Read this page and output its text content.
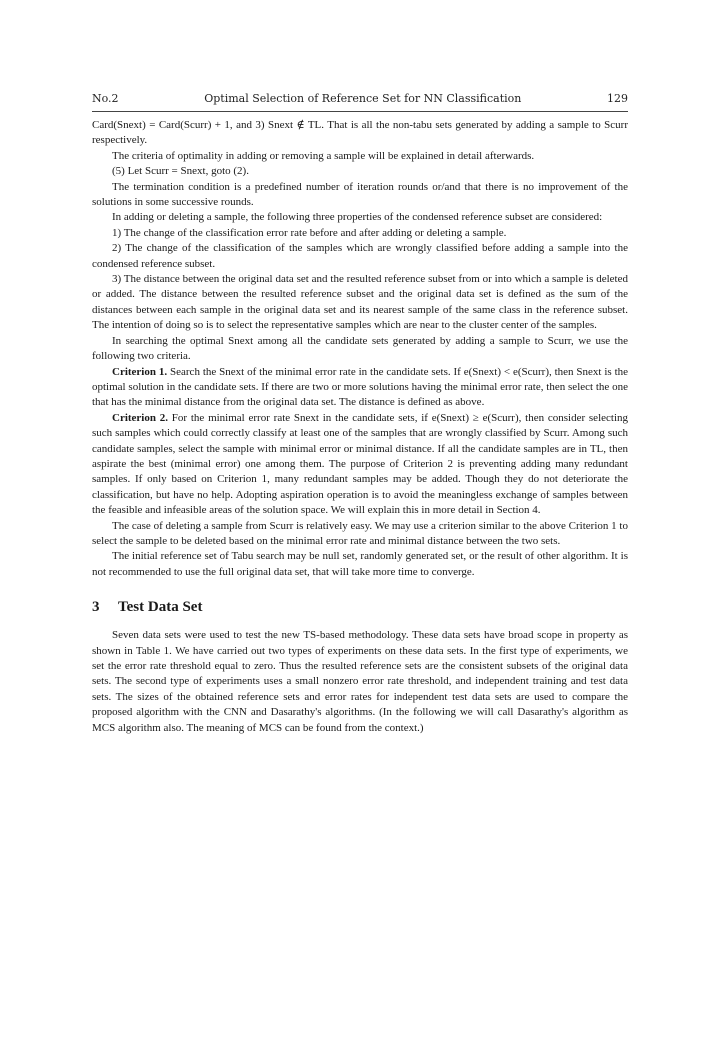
No.2	Optimal Selection of Reference Set for NN Classification	129

Card(Snext) = Card(Scurr) + 1, and 3) Snext ∉ TL. That is all the non-tabu sets generated by adding a sample to Scurr respectively.

The criteria of optimality in adding or removing a sample will be explained in detail afterwards.

(5) Let Scurr = Snext, goto (2).

The termination condition is a predefined number of iteration rounds or/and that there is no improvement of the solutions in some successive rounds.

In adding or deleting a sample, the following three properties of the condensed reference subset are considered:

1) The change of the classification error rate before and after adding or deleting a sample.

2) The change of the classification of the samples which are wrongly classified before adding a sample into the condensed reference subset.

3) The distance between the original data set and the resulted reference subset from or into which a sample is deleted or added. The distance between the resulted reference subset and the original data set is defined as the sum of the distances between each sample in the original data set and its nearest sample of the same class in the reference subset. The intention of doing so is to select the representative samples which are near to the cluster center of the samples.

In searching the optimal Snext among all the candidate sets generated by adding a sample to Scurr, we use the following two criteria.

Criterion 1. Search the Snext of the minimal error rate in the candidate sets. If e(Snext) < e(Scurr), then Snext is the optimal solution in the candidate sets. If there are two or more solutions having the minimal error rate, then select the one that has the minimal distance from the original data set. The distance is defined as above.

Criterion 2. For the minimal error rate Snext in the candidate sets, if e(Snext) ≥ e(Scurr), then consider selecting such samples which could correctly classify at least one of the samples that are wrongly classified by Scurr. Among such candidate samples, select the sample with minimal error or minimal distance. If all the candidate samples are in TL, then aspirate the best (minimal error) one among them. The purpose of Criterion 2 is preventing adding many redundant samples. If only based on Criterion 1, many redundant samples may be added. Though they do not deteriorate the classification, but have no help. Adopting aspiration operation is to avoid the meaningless exchange of samples between the feasible and infeasible areas of the solution space. We will explain this in more detail in Section 4.

The case of deleting a sample from Scurr is relatively easy. We may use a criterion similar to the above Criterion 1 to select the sample to be deleted based on the minimal error rate and minimal distance between the two sets.

The initial reference set of Tabu search may be null set, randomly generated set, or the result of other algorithm. It is not recommended to use the full original data set, that will take more time to converge.

3 Test Data Set

Seven data sets were used to test the new TS-based methodology. These data sets have broad scope in property as shown in Table 1. We have carried out two types of experiments on these data sets. In the first type of experiments, we set the error rate threshold equal to zero. Thus the resulted reference sets are the consistent subsets of the original data sets. The second type of experiments uses a small nonzero error rate threshold, and independent training and test data sets. The sizes of the obtained reference sets and error rates for independent test data sets are used to compare the proposed algorithm with the CNN and Dasarathy's algorithms. (In the following we will call Dasarathy's algorithm as MCS algorithm also. The meaning of MCS can be found from the context.)
